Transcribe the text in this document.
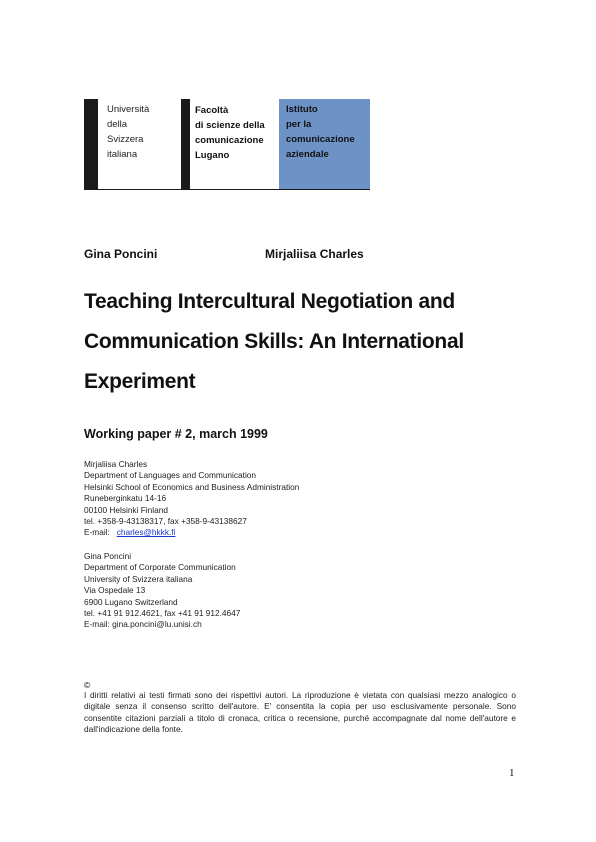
Università
della
Svizzera
italiana
Facoltà
di scienze della
comunicazione
Lugano
Istituto
per la
comunicazione
aziendale
Gina Poncini	Mirjaliisa Charles
Teaching Intercultural Negotiation and
Communication Skills: An International
Experiment
Working paper # 2, march 1999
Mirjaliisa Charles
Department of Languages and Communication
Helsinki School of Economics and Business Administration
Runeberginkatu 14-16
00100 Helsinki Finland
tel. +358-9-43138317, fax +358-9-43138627
E-mail: charles@hkkk.fi
Gina Poncini
Department of Corporate Communication
University of Svizzera italiana
Via Ospedale 13
6900 Lugano Switzerland
tel. +41 91 912.4621, fax +41 91 912.4647
E-mail: gina.poncini@lu.unisi.ch
©
I diritti relativi ai testi firmati sono dei rispettivi autori. La riproduzione è vietata con qualsiasi mezzo analogico o digitale senza il consenso scritto dell'autore. E' consentita la copia per uso esclusivamente personale. Sono consentite citazioni parziali a titolo di cronaca, critica o recensione, purché accompagnate dal nome dell'autore e dall'indicazione della fonte.
1
